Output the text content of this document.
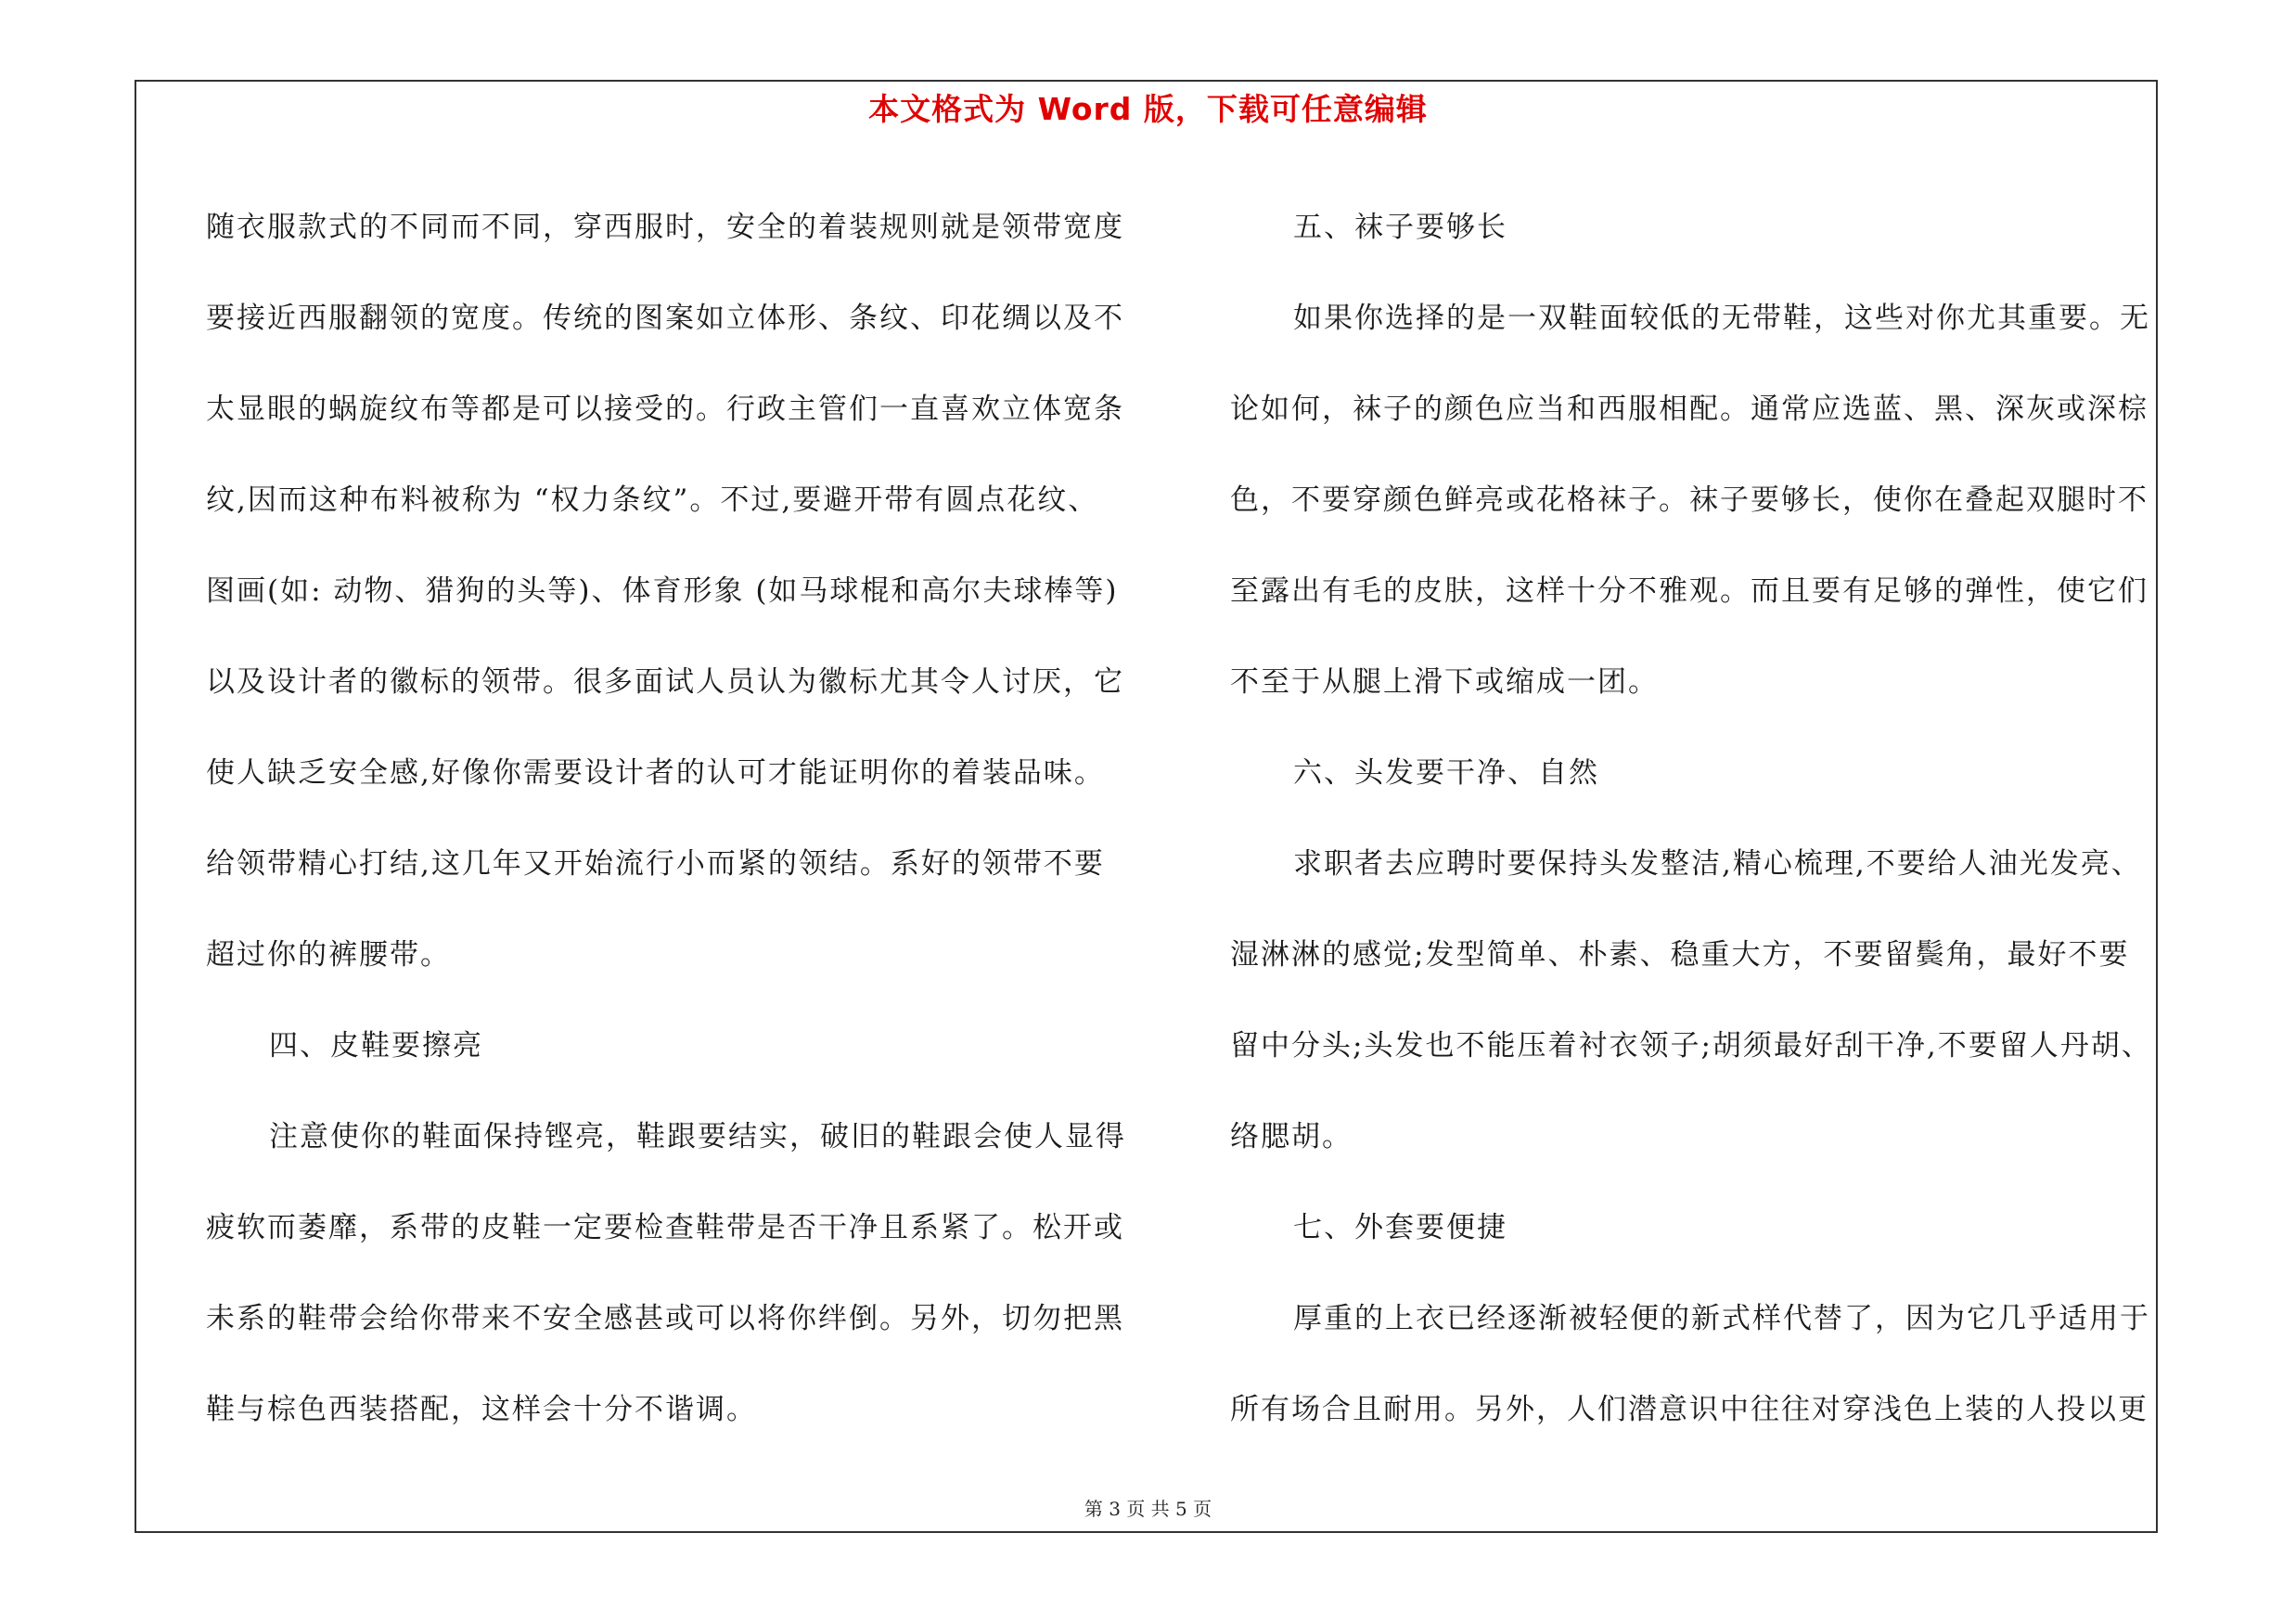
本文格式为 Word 版，下载可任意编辑
随衣服款式的不同而不同，穿西服时，安全的着装规则就是领带宽度
要接近西服翻领的宽度。传统的图案如立体形、条纹、印花绸以及不
太显眼的蜗旋纹布等都是可以接受的。行政主管们一直喜欢立体宽条
纹,因而这种布料被称为 “权力条纹”。不过,要避开带有圆点花纹、
图画(如: 动物、猎狗的头等)、体育形象 (如马球棍和高尔夫球棒等)
以及设计者的徽标的领带。很多面试人员认为徽标尤其令人讨厌，它
使人缺乏安全感,好像你需要设计者的认可才能证明你的着装品味。
给领带精心打结,这几年又开始流行小而紧的领结。系好的领带不要
超过你的裤腰带。
四、皮鞋要擦亮
注意使你的鞋面保持铿亮，鞋跟要结实，破旧的鞋跟会使人显得
疲软而萎靡，系带的皮鞋一定要检查鞋带是否干净且系紧了。松开或
未系的鞋带会给你带来不安全感甚或可以将你绊倒。另外，切勿把黑
鞋与棕色西装搭配，这样会十分不谐调。
五、袜子要够长
如果你选择的是一双鞋面较低的无带鞋，这些对你尤其重要。无
论如何，袜子的颜色应当和西服相配。通常应选蓝、黑、深灰或深棕
色，不要穿颜色鲜亮或花格袜子。袜子要够长，使你在叠起双腿时不
至露出有毛的皮肤，这样十分不雅观。而且要有足够的弹性，使它们
不至于从腿上滑下或缩成一团。
六、头发要干净、自然
求职者去应聘时要保持头发整洁,精心梳理,不要给人油光发亮、
湿淋淋的感觉;发型简单、朴素、稳重大方，不要留鬓角，最好不要
留中分头;头发也不能压着衬衣领子;胡须最好刮干净,不要留人丹胡、
络腮胡。
七、外套要便捷
厚重的上衣已经逐渐被轻便的新式样代替了，因为它几乎适用于
所有场合且耐用。另外，人们潜意识中往往对穿浅色上装的人投以更
第 3 页 共 5 页
